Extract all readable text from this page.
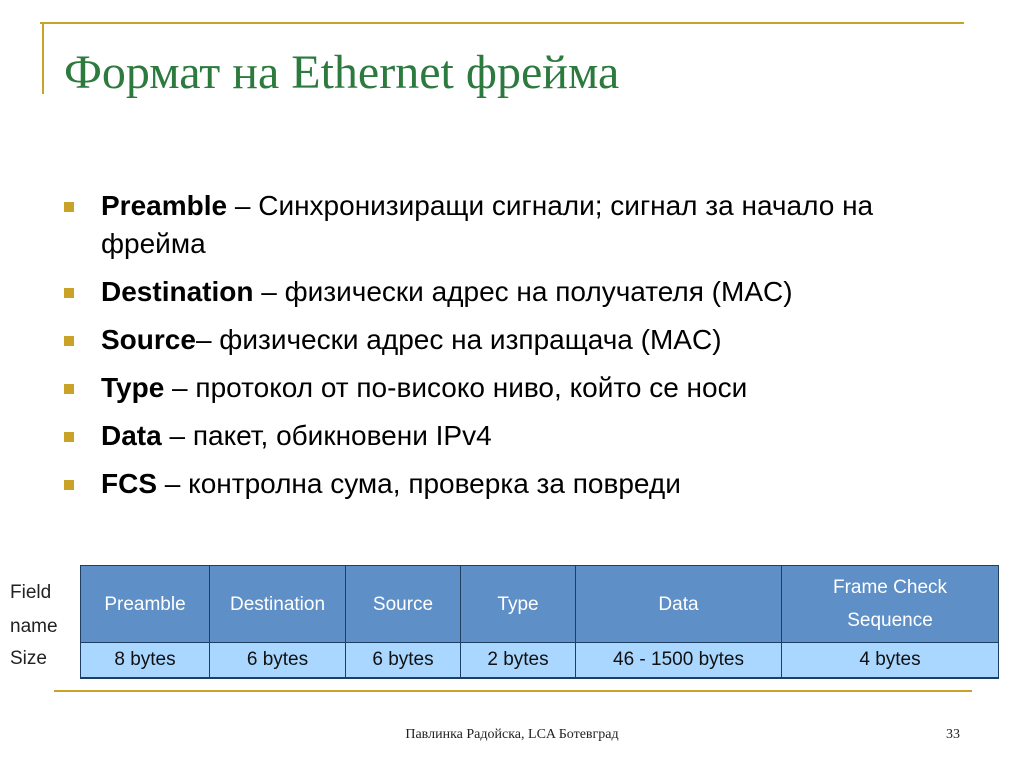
Формат на Ethernet фрейма
Preamble – Синхронизиращи сигнали; сигнал за начало на фрейма
Destination – физически адрес на получателя (MAC)
Source– физически адрес на изпращача (MAC)
Type – протокол от по-високо ниво, който се носи
Data – пакет, обикновени IPv4
FCS – контролна сума, проверка за повреди
Field
name
Size
Preamble	Destination	Source	Type	Data	Frame Check
Sequence

8 bytes	6 bytes	6 bytes	2 bytes	46 - 1500 bytes	4 bytes
Павлинка Радойска, LCA Ботевград	33
